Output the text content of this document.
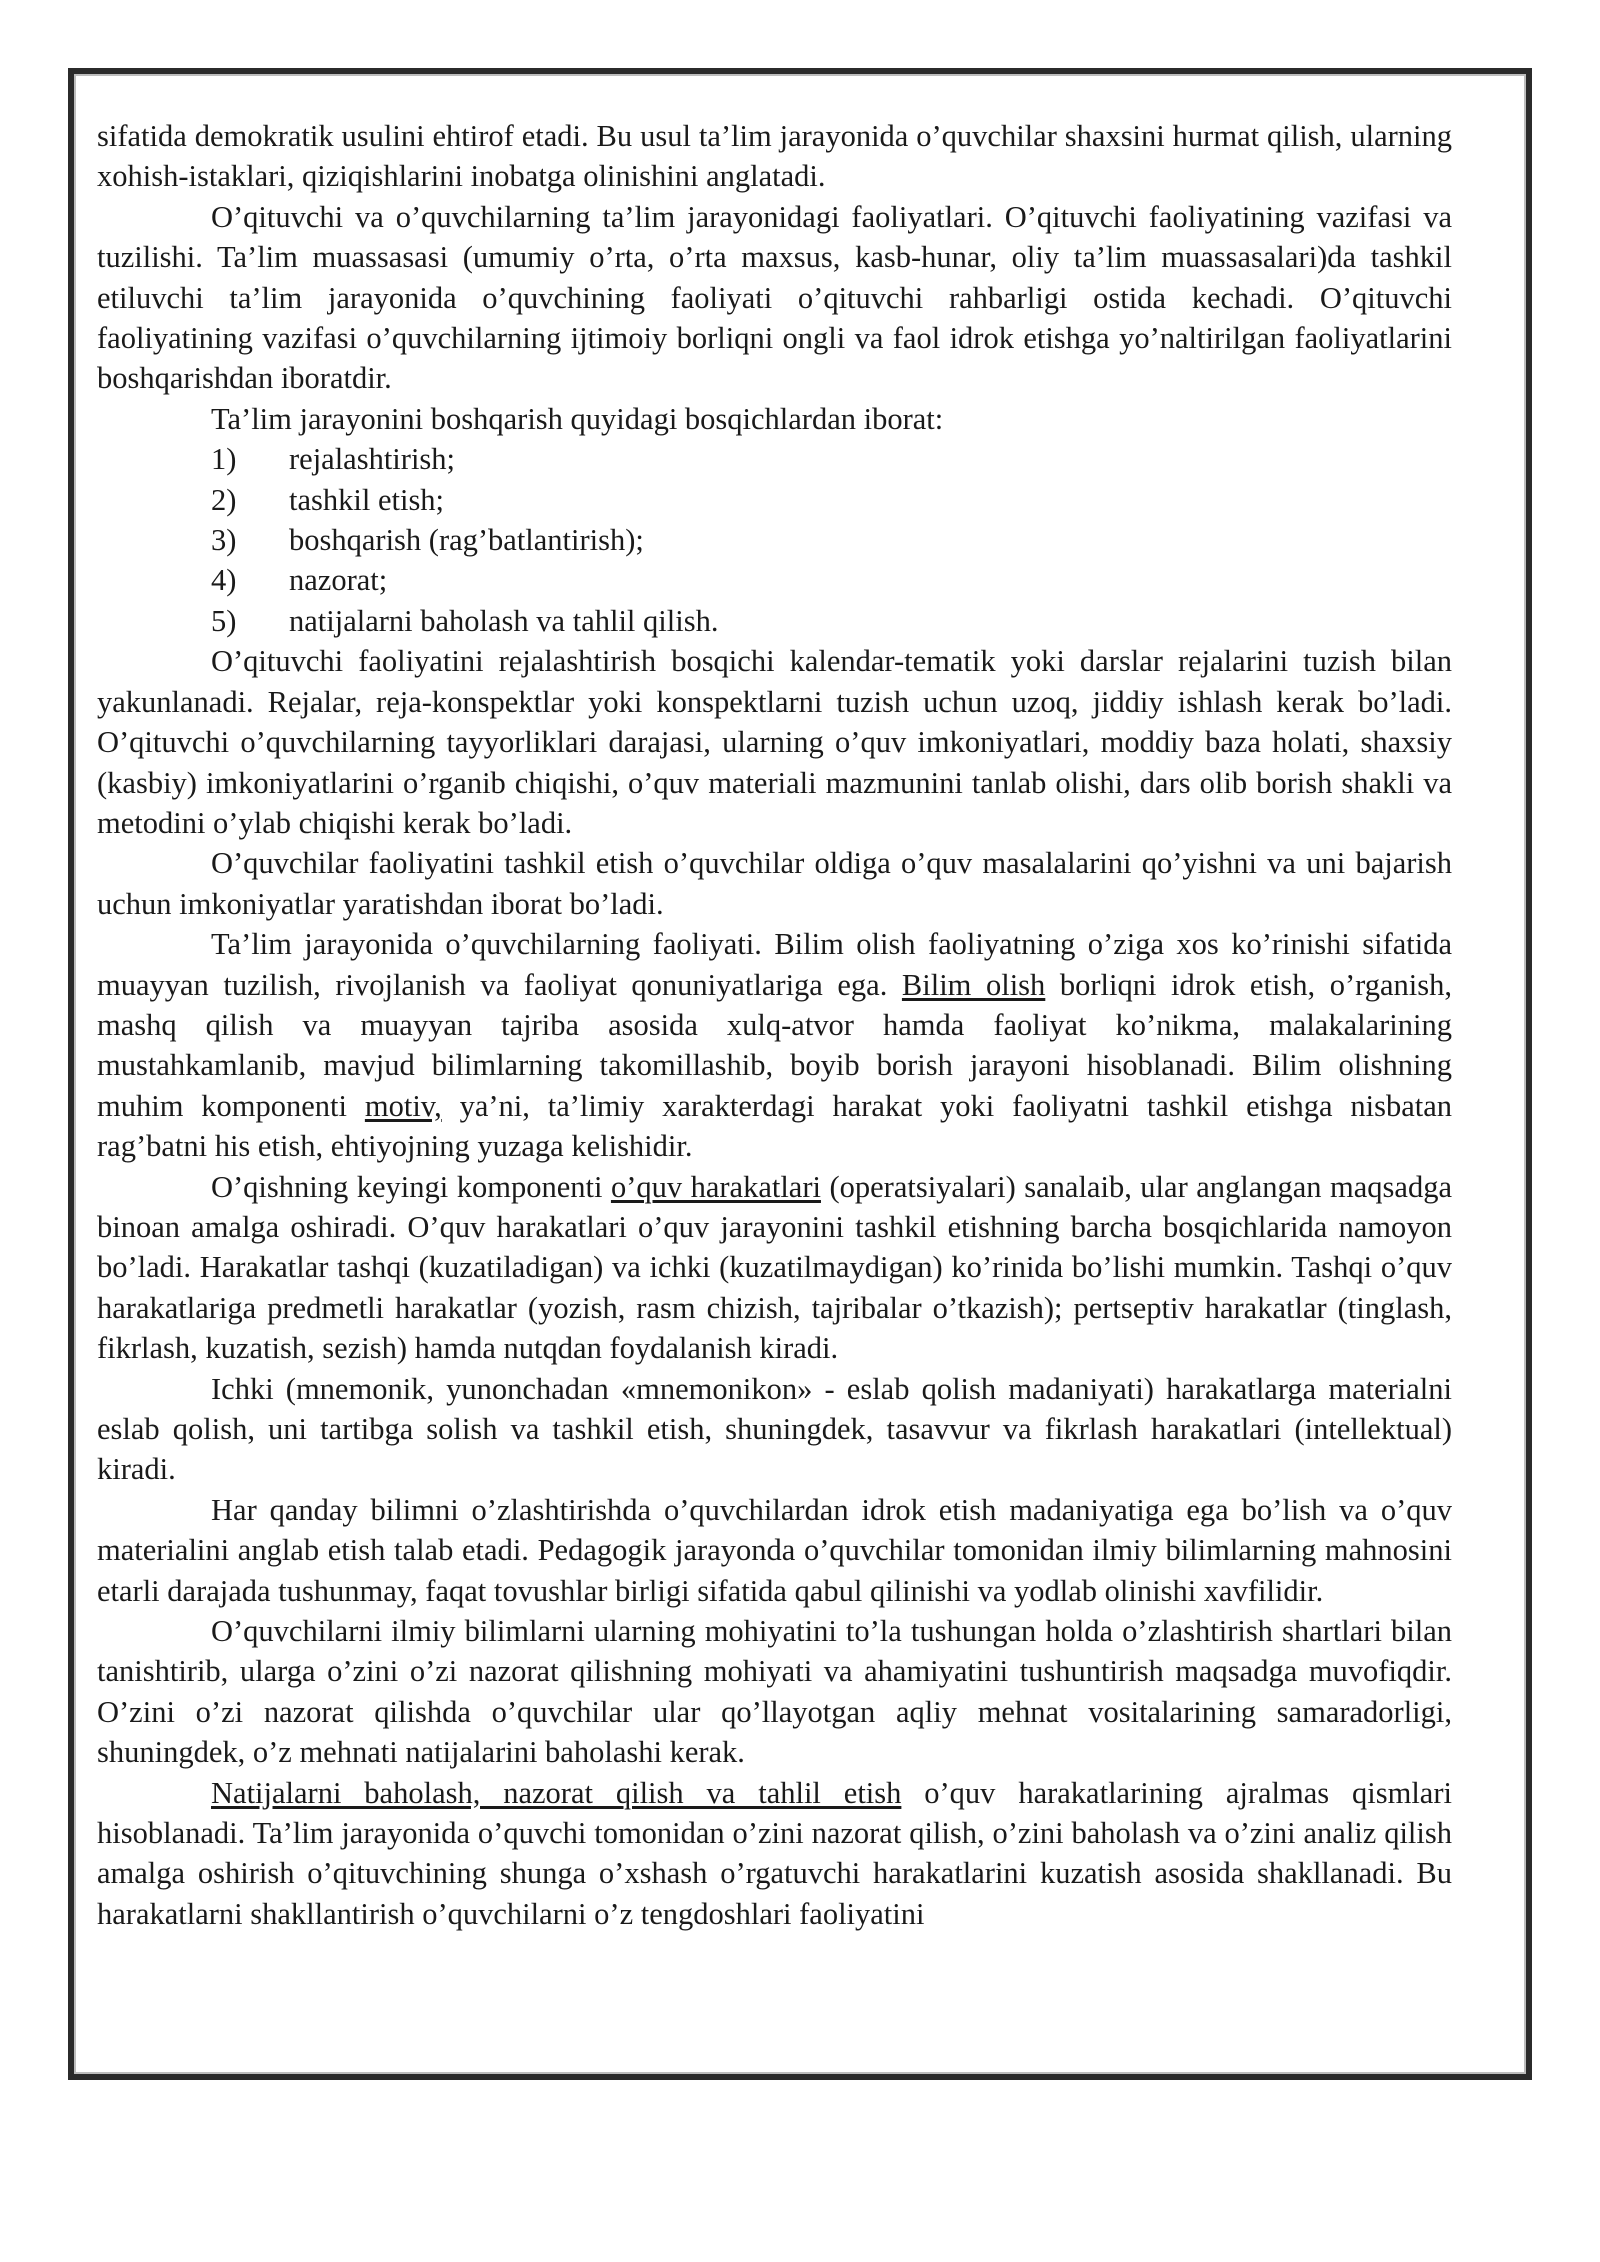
sifatida demokratik usulini ehtirof etadi. Bu usul ta’lim jarayonida o’quvchilar shaxsini hurmat qilish, ularning xohish-istaklari, qiziqishlarini inobatga olinishini anglatadi.

O’qituvchi va o’quvchilarning ta’lim jarayonidagi faoliyatlari. O’qituvchi faoliyatining vazifasi va tuzilishi. Ta’lim muassasasi (umumiy o’rta, o’rta maxsus, kasb-hunar, oliy ta’lim muassasalari)da tashkil etiluvchi ta’lim jarayonida o’quvchining faoliyati o’qituvchi rahbarligi ostida kechadi. O’qituvchi faoliyatining vazifasi o’quvchilarning ijtimoiy borliqni ongli va faol idrok etishga yo’naltirilgan faoliyatlarini boshqarishdan iboratdir.

Ta’lim jarayonini boshqarish quyidagi bosqichlardan iborat:

1)	rejalashtirish;
2)	tashkil etish;
3)	boshqarish (rag’batlantirish);
4)	nazorat;
5)	natijalarni baholash va tahlil qilish.

O’qituvchi faoliyatini rejalashtirish bosqichi kalendar-tematik yoki darslar rejalarini tuzish bilan yakunlanadi. Rejalar, reja-konspektlar yoki konspektlarni tuzish uchun uzoq, jiddiy ishlash kerak bo’ladi. O’qituvchi o’quvchilarning tayyorliklari darajasi, ularning o’quv imkoniyatlari, moddiy baza holati, shaxsiy (kasbiy) imkoniyatlarini o’rganib chiqishi, o’quv materiali mazmunini tanlab olishi, dars olib borish shakli va metodini o’ylab chiqishi kerak bo’ladi.

O’quvchilar faoliyatini tashkil etish o’quvchilar oldiga o’quv masalalarini qo’yishni va uni bajarish uchun imkoniyatlar yaratishdan iborat bo’ladi.

Ta’lim jarayonida o’quvchilarning faoliyati. Bilim olish faoliyatning o’ziga xos ko’rinishi sifatida muayyan tuzilish, rivojlanish va faoliyat qonuniyatlariga ega. Bilim olish borliqni idrok etish, o’rganish, mashq qilish va muayyan tajriba asosida xulq-atvor hamda faoliyat ko’nikma, malakalarining mustahkamlanib, mavjud bilimlarning takomillashib, boyib borish jarayoni hisoblanadi. Bilim olishning muhim komponenti motiv, ya’ni, ta’limiy xarakterdagi harakat yoki faoliyatni tashkil etishga nisbatan rag’batni his etish, ehtiyojning yuzaga kelishidir.

O’qishning keyingi komponenti o’quv harakatlari (operatsiyalari) sanalaib, ular anglangan maqsadga binoan amalga oshiradi. O’quv harakatlari o’quv jarayonini tashkil etishning barcha bosqichlarida namoyon bo’ladi. Harakatlar tashqi (kuzatiladigan) va ichki (kuzatilmaydigan) ko’rinida bo’lishi mumkin. Tashqi o’quv harakatlariga predmetli harakatlar (yozish, rasm chizish, tajribalar o’tkazish); pertseptiv harakatlar (tinglash, fikrlash, kuzatish, sezish) hamda nutqdan foydalanish kiradi.

Ichki (mnemonik, yunonchadan «mnemonikon» - eslab qolish madaniyati) harakatlarga materialni eslab qolish, uni tartibga solish va tashkil etish, shuningdek, tasavvur va fikrlash harakatlari (intellektual) kiradi.

Har qanday bilimni o’zlashtirishda o’quvchilardan idrok etish madaniyatiga ega bo’lish va o’quv materialini anglab etish talab etadi. Pedagogik jarayonda o’quvchilar tomonidan ilmiy bilimlarning mahnosini etarli darajada tushunmay, faqat tovushlar birligi sifatida qabul qilinishi va yodlab olinishi xavfilidir.

O’quvchilarni ilmiy bilimlarni ularning mohiyatini to’la tushungan holda o’zlashtirish shartlari bilan tanishtirib, ularga o’zini o’zi nazorat qilishning mohiyati va ahamiyatini tushuntirish maqsadga muvofiqdir. O’zini o’zi nazorat qilishda o’quvchilar ular qo’llayotgan aqliy mehnat vositalarining samaradorligi, shuningdek, o’z mehnati natijalarini baholashi kerak.

Natijalarni baholash, nazorat qilish va tahlil etish o’quv harakatlarining ajralmas qismlari hisoblanadi. Ta’lim jarayonida o’quvchi tomonidan o’zini nazorat qilish, o’zini baholash va o’zini analiz qilish amalga oshirish o’qituvchining shunga o’xshash o’rgatuvchi harakatlarini kuzatish asosida shakllanadi. Bu harakatlarni shakllantirish o’quvchilarni o’z tengdoshlari faoliyatini
